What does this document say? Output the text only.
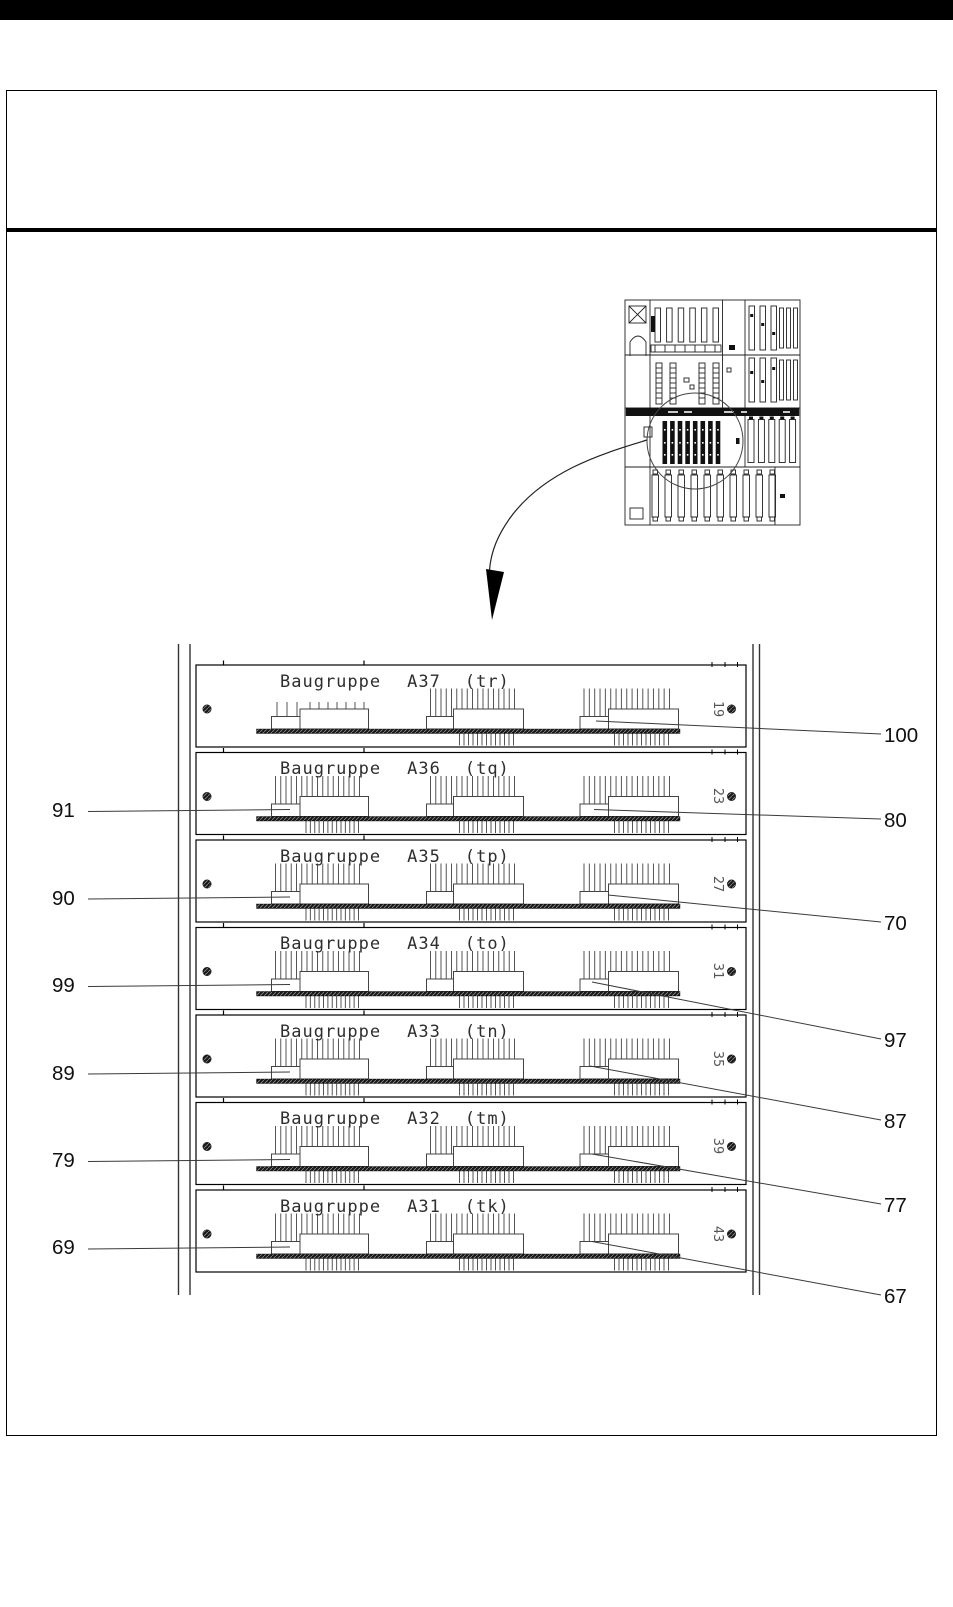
Baugruppe A37 (tr)
Baugruppe A36 (tq)
Baugruppe A35 (tp)
Baugruppe A34 (to)
Baugruppe A33 (tn)
Baugruppe A32 (tm)
Baugruppe A31 (tk)
19
23
27
31
35
39
43
91
90
99
89
79
69
100
80
70
97
87
77
67
